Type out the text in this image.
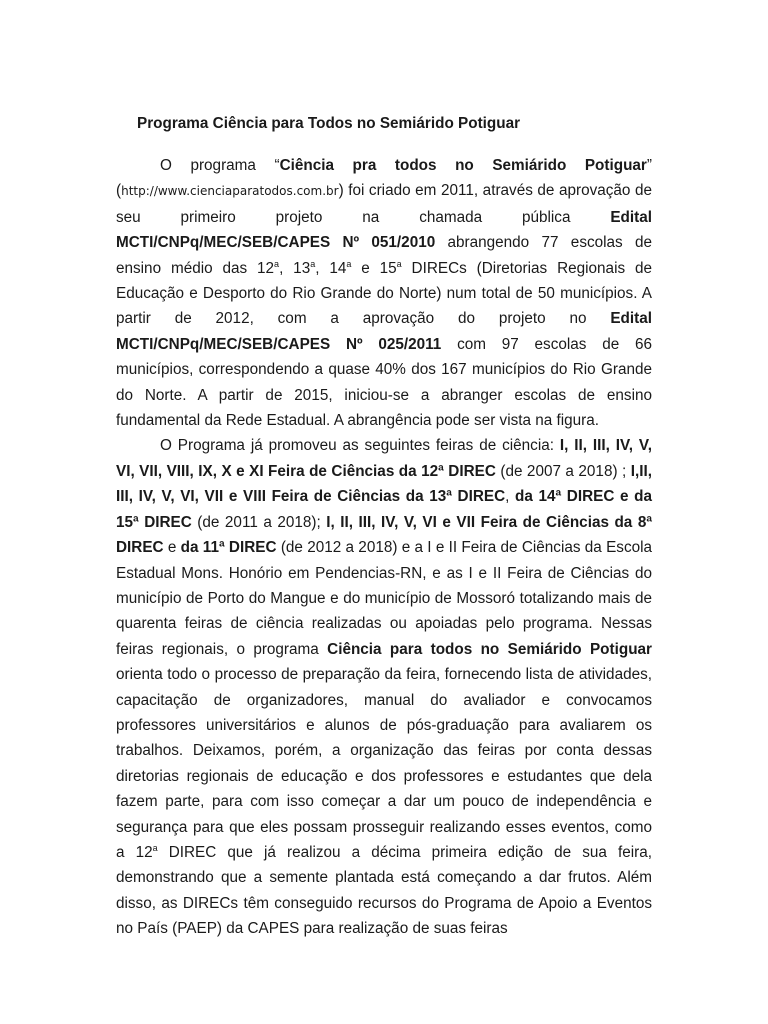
Programa Ciência para Todos no Semiárido Potiguar

O programa “Ciência pra todos no Semiárido Potiguar” (http://www.cienciaparatodos.com.br) foi criado em 2011, através de aprovação de seu primeiro projeto na chamada pública Edital MCTI/CNPq/MEC/SEB/CAPES Nº 051/2010 abrangendo 77 escolas de ensino médio das 12$^a$, 13$^a$, 14$^a$ e 15$^a$ DIRECs (Diretorias Regionais de Educação e Desporto do Rio Grande do Norte) num total de 50 municípios. A partir de 2012, com a aprovação do projeto no Edital MCTI/CNPq/MEC/SEB/CAPES Nº 025/2011 com 97 escolas de 66 municípios, correspondendo a quase 40% dos 167 municípios do Rio Grande do Norte. A partir de 2015, iniciou-se a abranger escolas de ensino fundamental da Rede Estadual. A abrangência pode ser vista na figura.

O Programa já promoveu as seguintes feiras de ciência: I, II, III, IV, V, VI, VII, VIII, IX, X e XI Feira de Ciências da 12ª DIREC (de 2007 a 2018) ; I,II, III, IV, V, VI, VII e VIII Feira de Ciências da 13ª DIREC, da 14ª DIREC e da 15ª DIREC (de 2011 a 2018); I, II, III, IV, V, VI e VII Feira de Ciências da 8ª DIREC e da 11ª DIREC (de 2012 a 2018) e a I e II Feira de Ciências da Escola Estadual Mons. Honório em Pendencias-RN, e as I e II Feira de Ciências do município de Porto do Mangue e do município de Mossoró totalizando mais de quarenta feiras de ciência realizadas ou apoiadas pelo programa. Nessas feiras regionais, o programa Ciência para todos no Semiárido Potiguar orienta todo o processo de preparação da feira, fornecendo lista de atividades, capacitação de organizadores, manual do avaliador e convocamos professores universitários e alunos de pós-graduação para avaliarem os trabalhos. Deixamos, porém, a organização das feiras por conta dessas diretorias regionais de educação e dos professores e estudantes que dela fazem parte, para com isso começar a dar um pouco de independência e segurança para que eles possam prosseguir realizando esses eventos, como a 12$^a$ DIREC que já realizou a décima primeira edição de sua feira, demonstrando que a semente plantada está começando a dar frutos. Além disso, as DIRECs têm conseguido recursos do Programa de Apoio a Eventos no País (PAEP) da CAPES para realização de suas feiras
